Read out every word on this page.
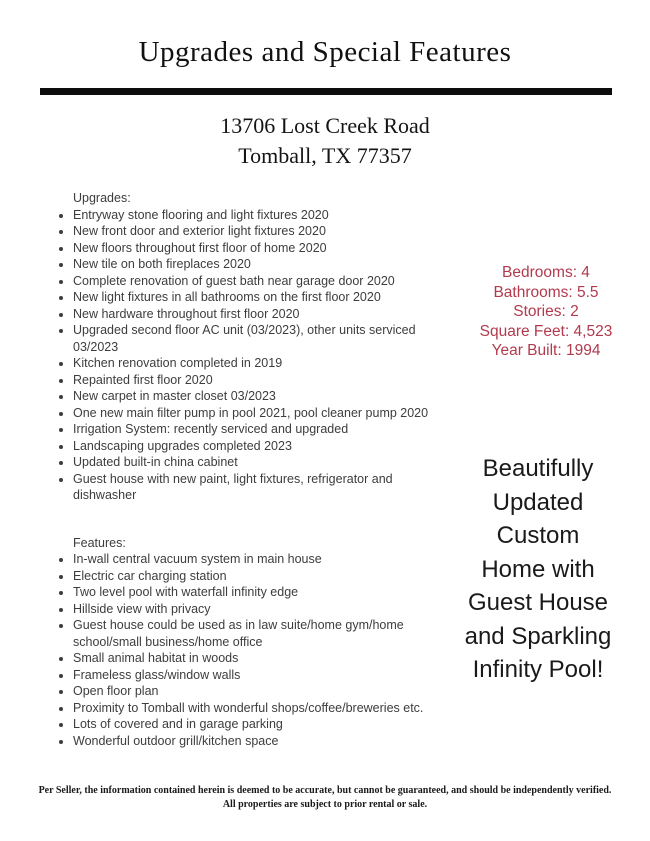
Upgrades and Special Features
13706 Lost Creek Road
Tomball, TX 77357
Upgrades:
• Entryway stone flooring and light fixtures 2020
• New front door and exterior light fixtures 2020
• New floors throughout first floor of home 2020
• New tile on both fireplaces 2020
• Complete renovation of guest bath near garage door 2020
• New light fixtures in all bathrooms on the first floor 2020
• New hardware throughout first floor 2020
• Upgraded second floor AC unit (03/2023), other units serviced 03/2023
• Kitchen renovation completed in 2019
• Repainted first floor 2020
• New carpet in master closet 03/2023
• One new main filter pump in pool 2021, pool cleaner pump 2020
• Irrigation System: recently serviced and upgraded
• Landscaping upgrades completed 2023
• Updated built-in china cabinet
• Guest house with new paint, light fixtures, refrigerator and dishwasher
Features:
• In-wall central vacuum system in main house
• Electric car charging station
• Two level pool with waterfall infinity edge
• Hillside view with privacy
• Guest house could be used as in law suite/home gym/home school/small business/home office
• Small animal habitat in woods
• Frameless glass/window walls
• Open floor plan
• Proximity to Tomball with wonderful shops/coffee/breweries etc.
• Lots of covered and in garage parking
• Wonderful outdoor grill/kitchen space
Bedrooms: 4
Bathrooms: 5.5
Stories: 2
Square Feet: 4,523
Year Built: 1994
Beautifully
Updated
Custom
Home with
Guest House
and Sparkling
Infinity Pool!
Per Seller, the information contained herein is deemed to be accurate, but cannot be guaranteed, and should be independently verified.
All properties are subject to prior rental or sale.
